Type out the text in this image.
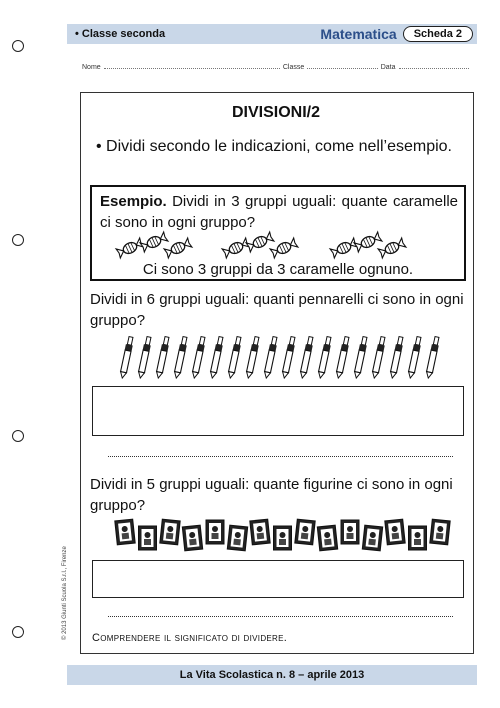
• Classe seconda	Matematica	Scheda 2
Nome	Classe	Data
DIVISIONI/2
• Dividi secondo le indicazioni, come nell’esempio.
Esempio. Dividi in 3 gruppi uguali: quante caramelle ci sono in ogni gruppo?
Ci sono 3 gruppi da 3 caramelle ognuno.
Dividi in 6 gruppi uguali: quanti pennarelli ci sono in ogni gruppo?
Dividi in 5 gruppi uguali: quante figurine ci sono in ogni gruppo?
Comprendere il significato di dividere.
La Vita Scolastica n. 8 – aprile 2013
© 2013 Giunti Scuola S.r.l., Firenze
